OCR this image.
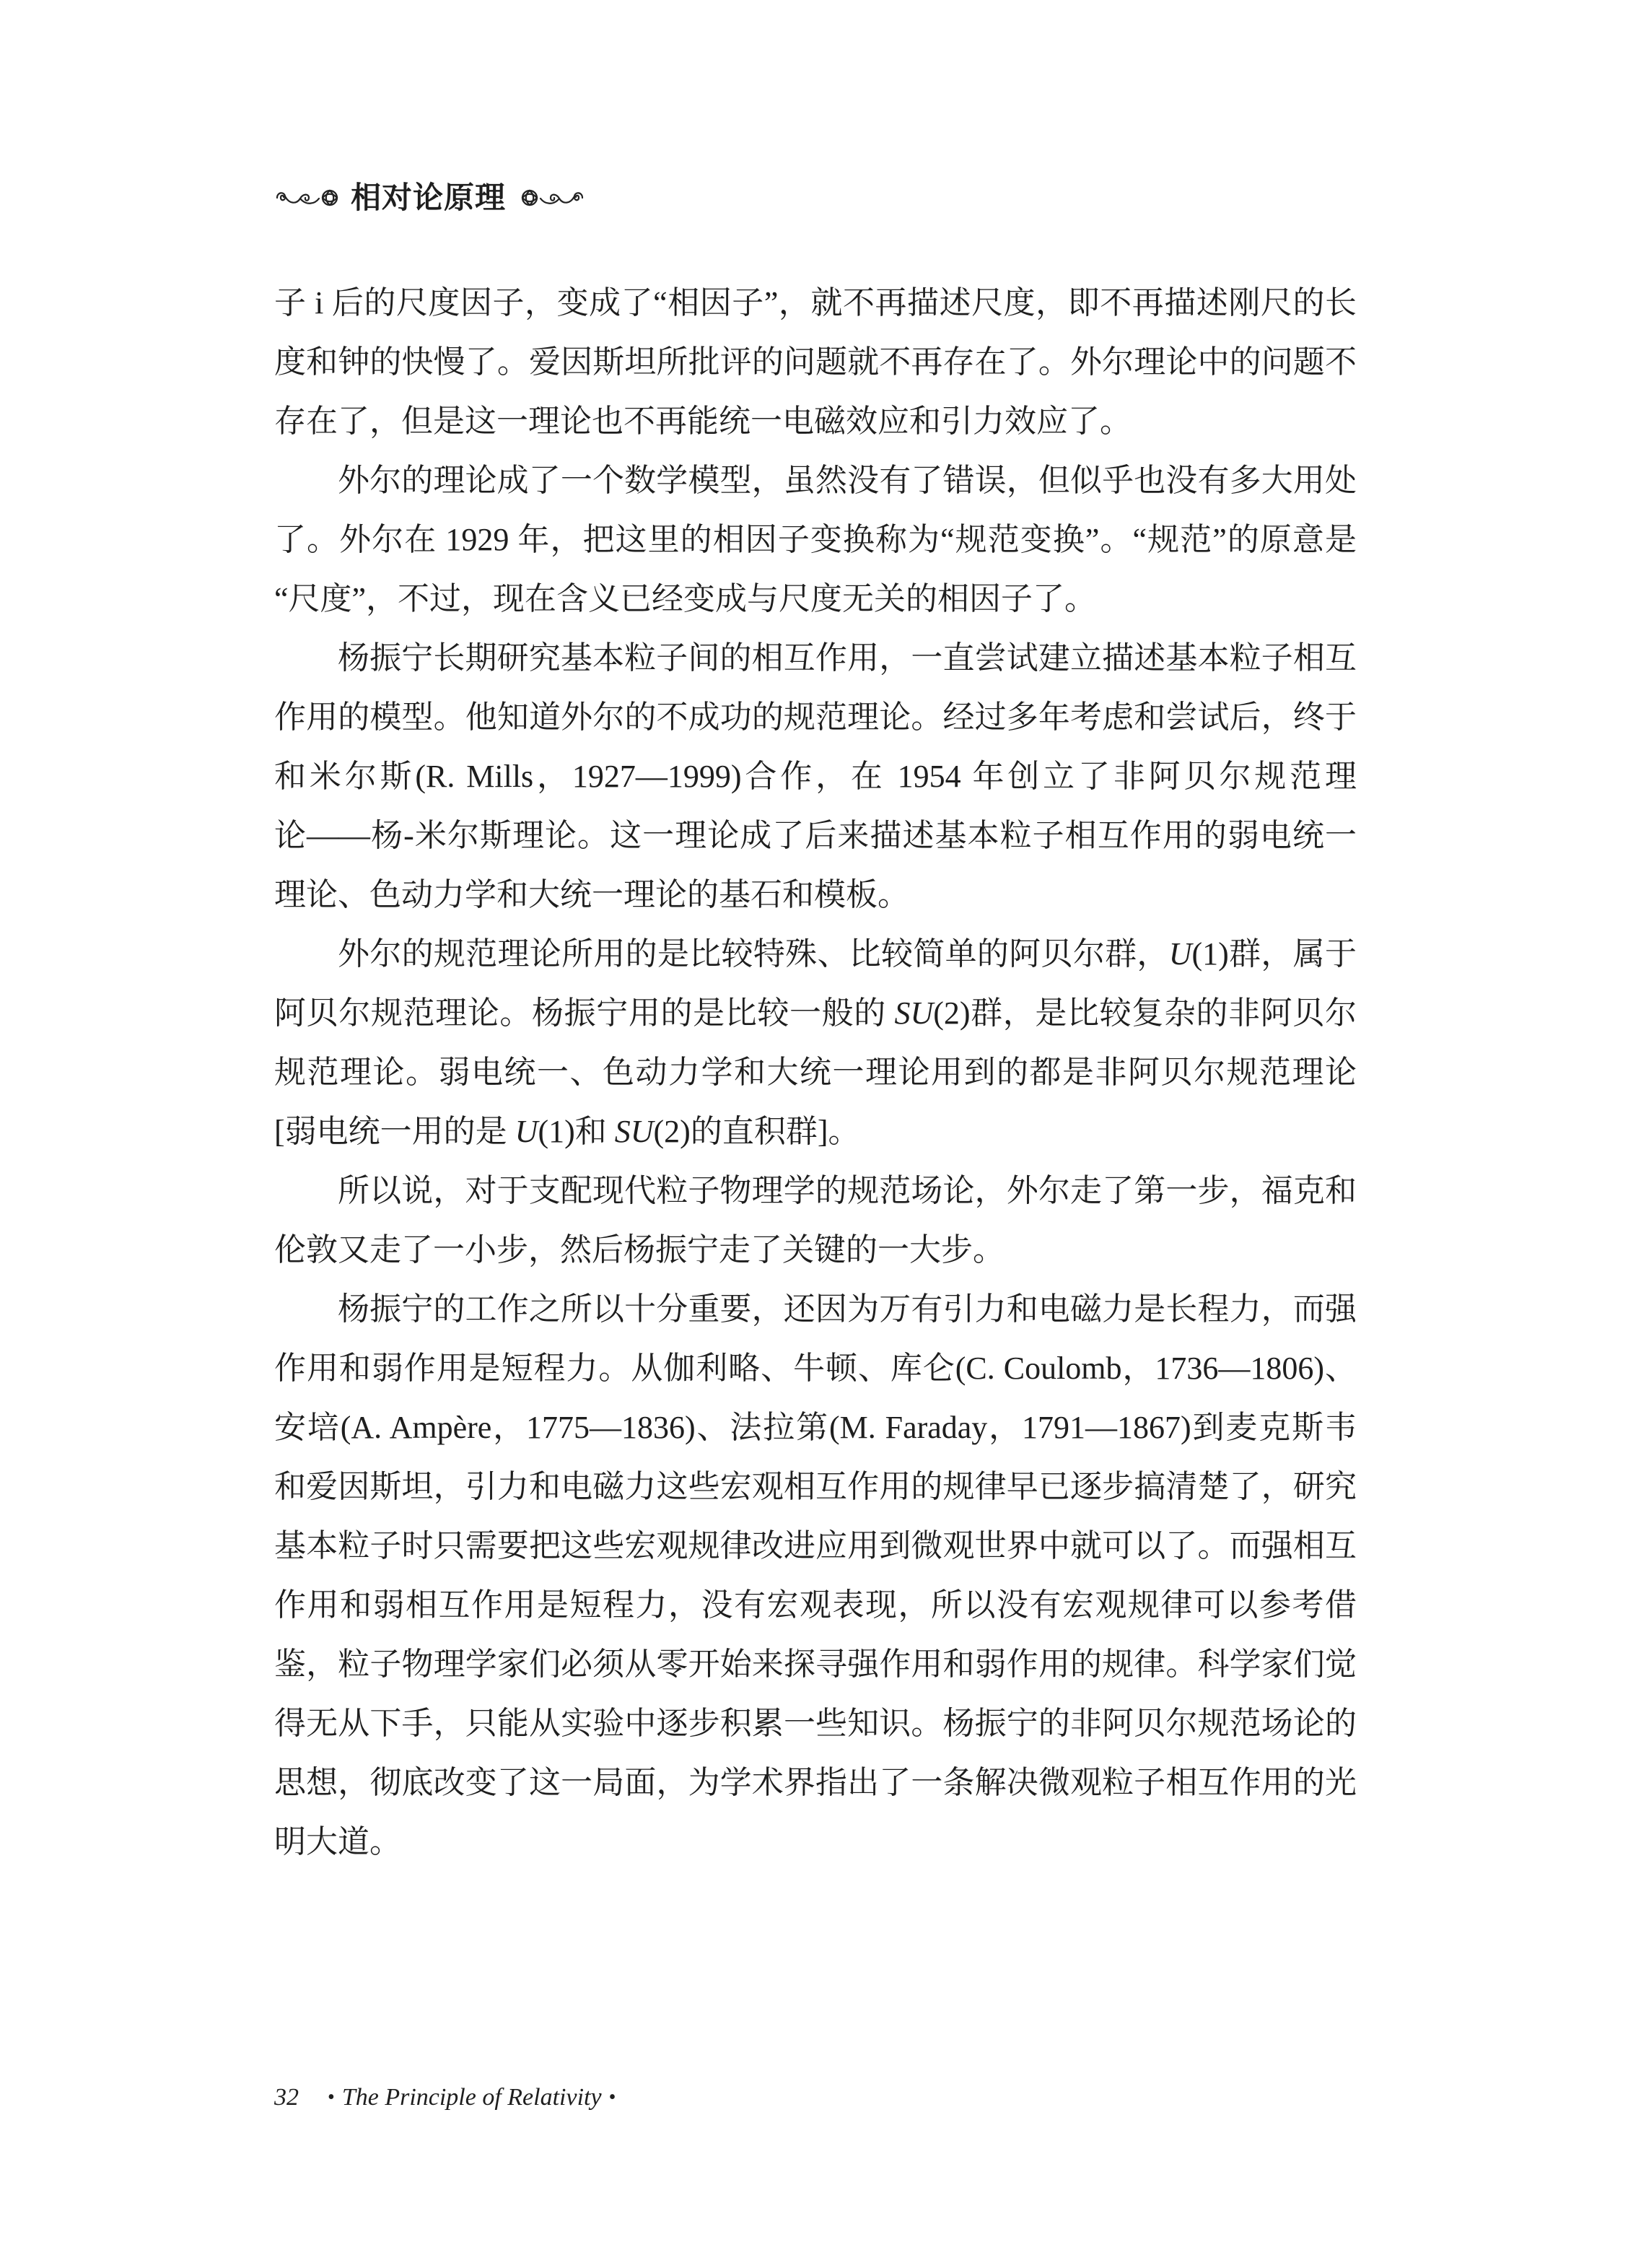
相对论原理
子 i 后的尺度因子，变成了“相因子”，就不再描述尺度，即不再描述刚尺的长
度和钟的快慢了。爱因斯坦所批评的问题就不再存在了。外尔理论中的问题不
存在了，但是这一理论也不再能统一电磁效应和引力效应了。
外尔的理论成了一个数学模型，虽然没有了错误，但似乎也没有多大用处
了。外尔在 1929 年，把这里的相因子变换称为“规范变换”。“规范”的原意是
“尺度”，不过，现在含义已经变成与尺度无关的相因子了。
杨振宁长期研究基本粒子间的相互作用，一直尝试建立描述基本粒子相互
作用的模型。他知道外尔的不成功的规范理论。经过多年考虑和尝试后，终于
和米尔斯(R. Mills，1927—1999)合作，在 1954 年创立了非阿贝尔规范理
论——杨-米尔斯理论。这一理论成了后来描述基本粒子相互作用的弱电统一
理论、色动力学和大统一理论的基石和模板。
外尔的规范理论所用的是比较特殊、比较简单的阿贝尔群，U(1)群，属于
阿贝尔规范理论。杨振宁用的是比较一般的 SU(2)群，是比较复杂的非阿贝尔
规范理论。弱电统一、色动力学和大统一理论用到的都是非阿贝尔规范理论
[弱电统一用的是 U(1)和 SU(2)的直积群]。
所以说，对于支配现代粒子物理学的规范场论，外尔走了第一步，福克和
伦敦又走了一小步，然后杨振宁走了关键的一大步。
杨振宁的工作之所以十分重要，还因为万有引力和电磁力是长程力，而强
作用和弱作用是短程力。从伽利略、牛顿、库仑(C. Coulomb，1736—1806)、
安培(A. Ampère，1775—1836)、法拉第(M. Faraday，1791—1867)到麦克斯韦
和爱因斯坦，引力和电磁力这些宏观相互作用的规律早已逐步搞清楚了，研究
基本粒子时只需要把这些宏观规律改进应用到微观世界中就可以了。而强相互
作用和弱相互作用是短程力，没有宏观表现，所以没有宏观规律可以参考借
鉴，粒子物理学家们必须从零开始来探寻强作用和弱作用的规律。科学家们觉
得无从下手，只能从实验中逐步积累一些知识。杨振宁的非阿贝尔规范场论的
思想，彻底改变了这一局面，为学术界指出了一条解决微观粒子相互作用的光
明大道。
32 • The Principle of Relativity •
